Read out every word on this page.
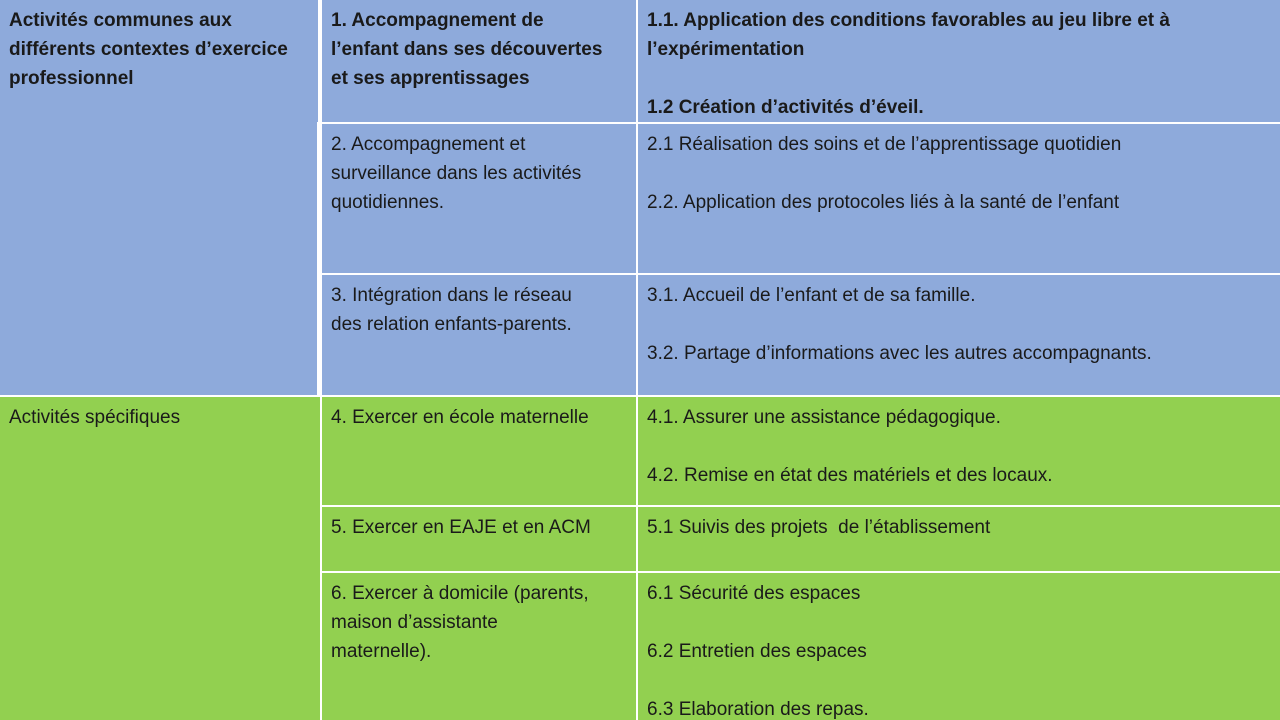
Activités communes aux
différents contextes d’exercice
professionnel
Activités spécifiques
1. Accompagnement de
l’enfant dans ses découvertes
et ses apprentissages
1.1. Application des conditions favorables au jeu libre et à
l’expérimentation
1.2 Création d’activités d’éveil.
2. Accompagnement et
surveillance dans les activités
quotidiennes.
2.1 Réalisation des soins et de l’apprentissage quotidien
2.2. Application des protocoles liés à la santé de l’enfant
3. Intégration dans le réseau
des relation enfants-parents.
3.1. Accueil de l’enfant et de sa famille.
3.2. Partage d’informations avec les autres accompagnants.
4. Exercer en école maternelle	4.1. Assurer une assistance pédagogique.
4.2. Remise en état des matériels et des locaux.
5. Exercer en EAJE et en ACM	5.1 Suivis des projets  de l’établissement
6. Exercer à domicile (parents,
maison d’assistante
maternelle).
6.1 Sécurité des espaces
6.2 Entretien des espaces
6.3 Elaboration des repas.
